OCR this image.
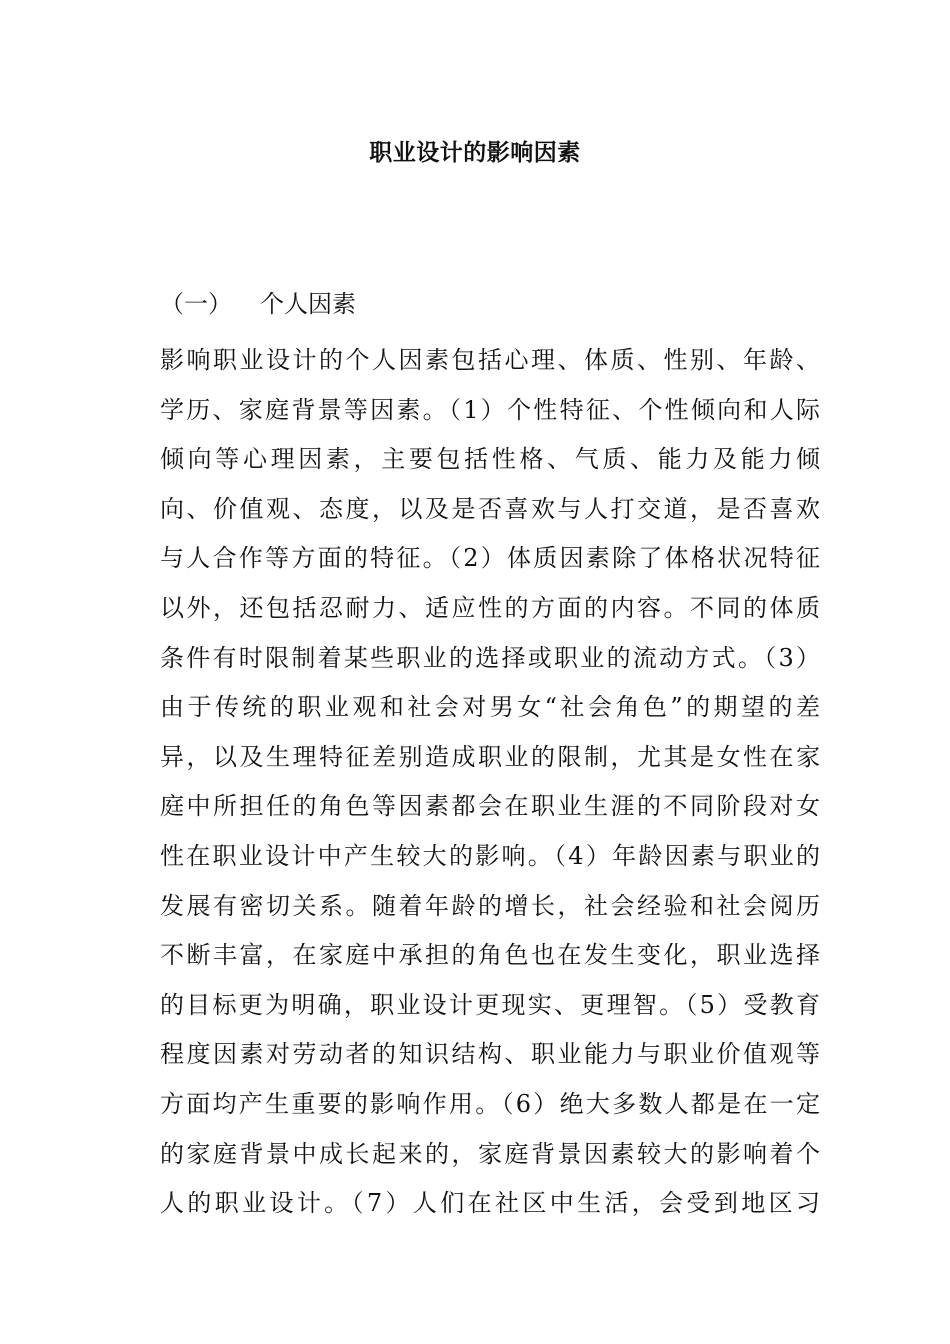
职业设计的影响因素

（一） 个人因素

影响职业设计的个人因素包括心理、体质、性别、年龄、
学历、家庭背景等因素。（1）个性特征、个性倾向和人际
倾向等心理因素，主要包括性格、气质、能力及能力倾
向、价值观、态度，以及是否喜欢与人打交道，是否喜欢
与人合作等方面的特征。（2）体质因素除了体格状况特征
以外，还包括忍耐力、适应性的方面的内容。不同的体质
条件有时限制着某些职业的选择或职业的流动方式。（3）
由于传统的职业观和社会对男女“社会角色”的期望的差
异，以及生理特征差别造成职业的限制，尤其是女性在家
庭中所担任的角色等因素都会在职业生涯的不同阶段对女
性在职业设计中产生较大的影响。（4）年龄因素与职业的
发展有密切关系。随着年龄的增长，社会经验和社会阅历
不断丰富，在家庭中承担的角色也在发生变化，职业选择
的目标更为明确，职业设计更现实、更理智。（5）受教育
程度因素对劳动者的知识结构、职业能力与职业价值观等
方面均产生重要的影响作用。（6）绝大多数人都是在一定
的家庭背景中成长起来的，家庭背景因素较大的影响着个
人的职业设计。（7）人们在社区中生活，会受到地区习
